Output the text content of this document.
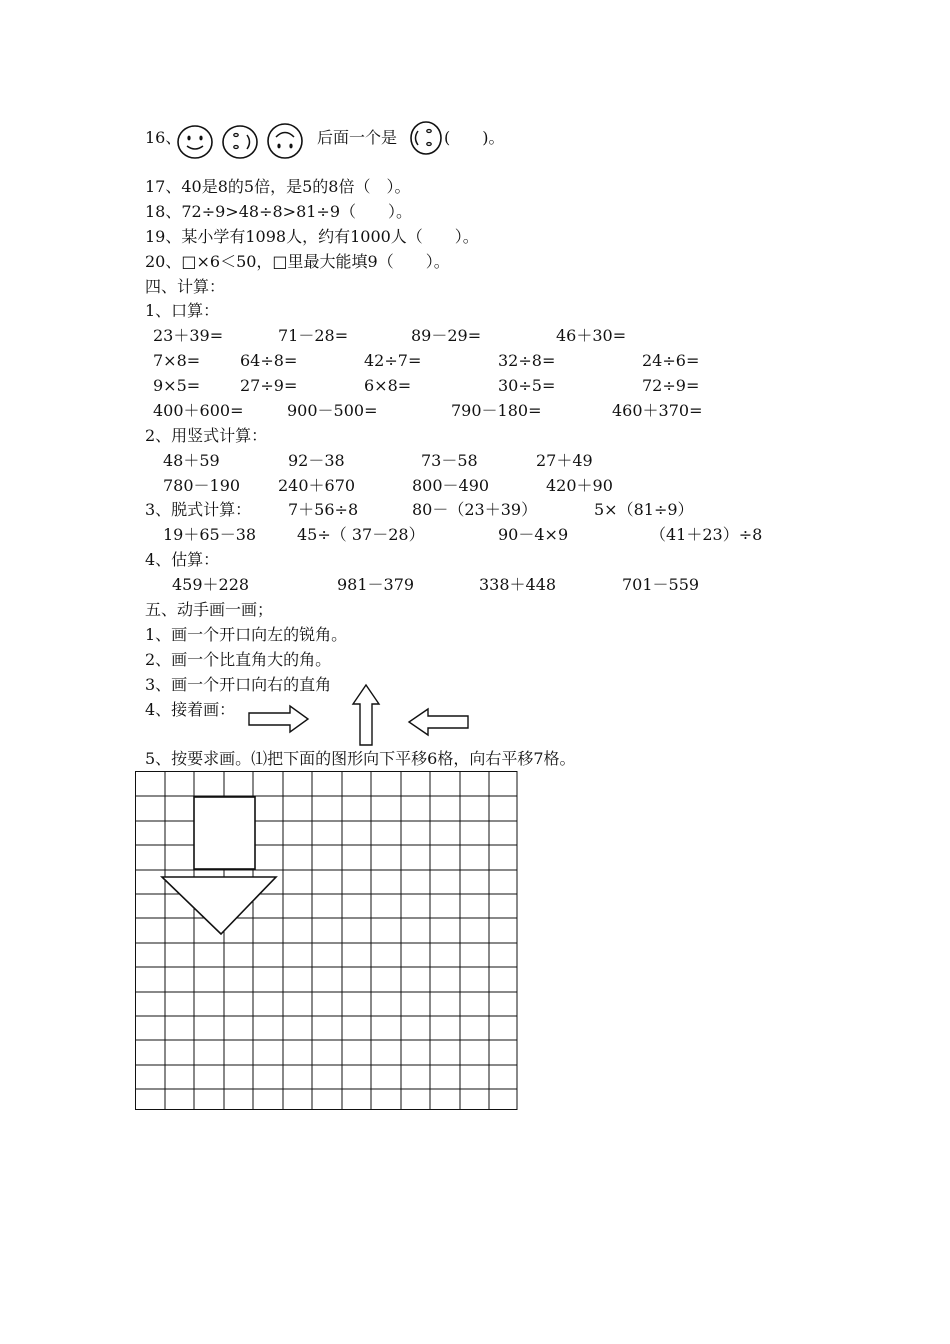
16、	后面一个是	(　　)。
17、40是8的5倍，是5的8倍（　）。
18、72÷9>48÷8>81÷9（　　）。
19、某小学有1098人，约有1000人（　　）。
20、□×6＜50，□里最大能填9（　　）。
四、计算：
1、口算：
23＋39=	71－28=	89－29=	46＋30=
7×8= 64÷8=	42÷7=	32÷8=	24÷6=
9×5= 27÷9=	6×8=	30÷5=	72÷9=
400＋600=	900－500=	790－180=	460＋370=
2、用竖式计算：
48＋59	92－38	73－58	27＋49
780－190 240＋670	800－490	420＋90
3、脱式计算： 7＋56÷8	80－（23＋39）	5×（81÷9）
19＋65－38	45÷（ 37－28）	90－4×9	（41＋23）÷8
4、估算：
459＋228	981－379	338＋448	701－559
五、动手画一画；
1、画一个开口向左的锐角。
2、画一个比直角大的角。
3、画一个开口向右的直角
4、接着画：
5、按要求画。⑴把下面的图形向下平移6格，向右平移7格。
